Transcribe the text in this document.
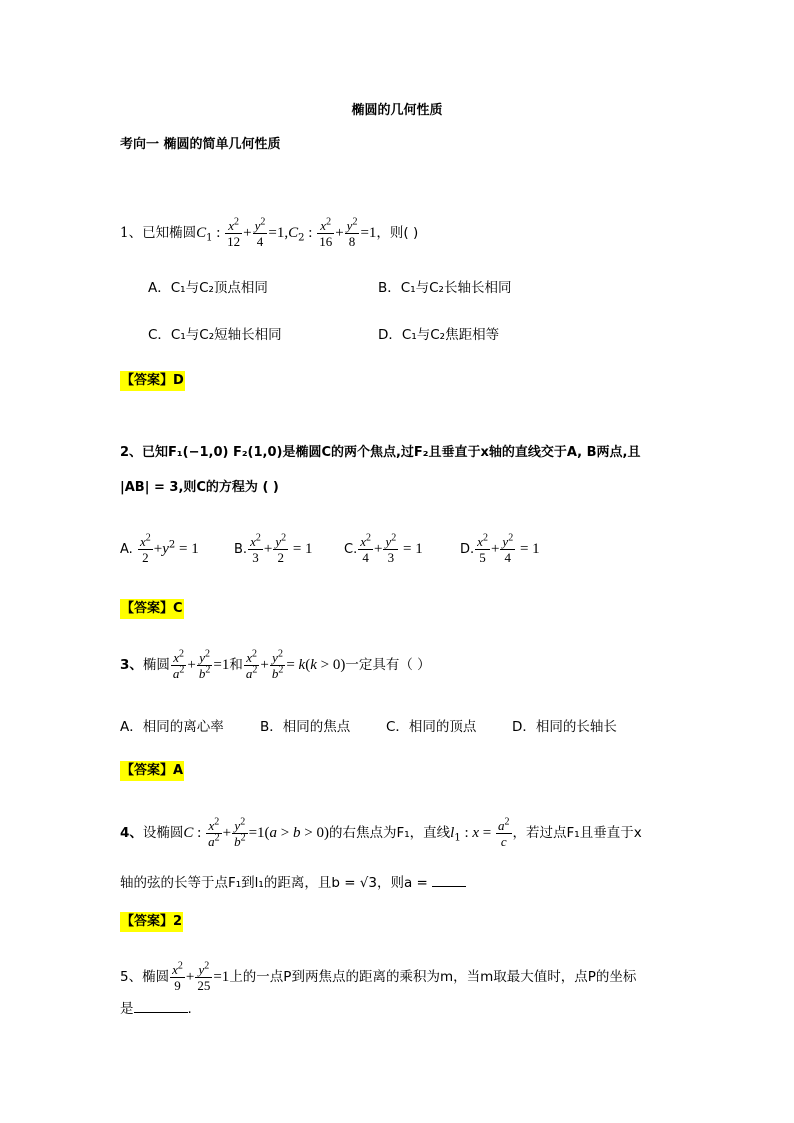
椭圆的几何性质
考向一 椭圆的简单几何性质
1、已知椭圆$C_1$ : $\frac{x^2}{12} + \frac{y^2}{4} =1,C_2$ : $\frac{x^2}{16} + \frac{y^2}{8} =1$，则( )
A．C₁与C₂顶点相同	B．C₁与C₂长轴长相同
C．C₁与C₂短轴长相同	D．C₁与C₂焦距相等
【答案】D
2、已知F₁(−1,0) F₂(1,0)是椭圆C的两个焦点,过F₂且垂直于x轴的直线交于A, B两点,且
|AB| = 3,则C的方程为 ( )
A. $\frac{x^2}{2} +y^2 = 1$	B. $\frac{x^2}{3} + \frac{y^2}{2} = 1$ C. $\frac{x^2}{4} + \frac{y^2}{3} = 1$	D. $\frac{x^2}{5} + \frac{y^2}{4} = 1$
【答案】C
3、椭圆 $\frac{x^2}{a^2} + \frac{y^2}{b^2} =1$和 $\frac{x^2}{a^2} + \frac{y^2}{b^2} = k(k > 0)$一定具有（ ）
A．相同的离心率	B．相同的焦点	C．相同的顶点	D．相同的长轴长
【答案】A
4、设椭圆C : $\frac{x^2}{a^2} + \frac{y^2}{b^2} =1(a > b > 0)$的右焦点为F₁，直线$l_1$ : $x = \frac{a^2}{c}$ ，若过点F₁且垂直于x
轴的弦的长等于点F₁到l₁的距离，且b = √3，则a =
【答案】2
5、椭圆 $\frac{x^2}{9} + \frac{y^2}{25} =1$上的一点P到两焦点的距离的乘积为m，当m取最大值时，点P的坐标
是	.
